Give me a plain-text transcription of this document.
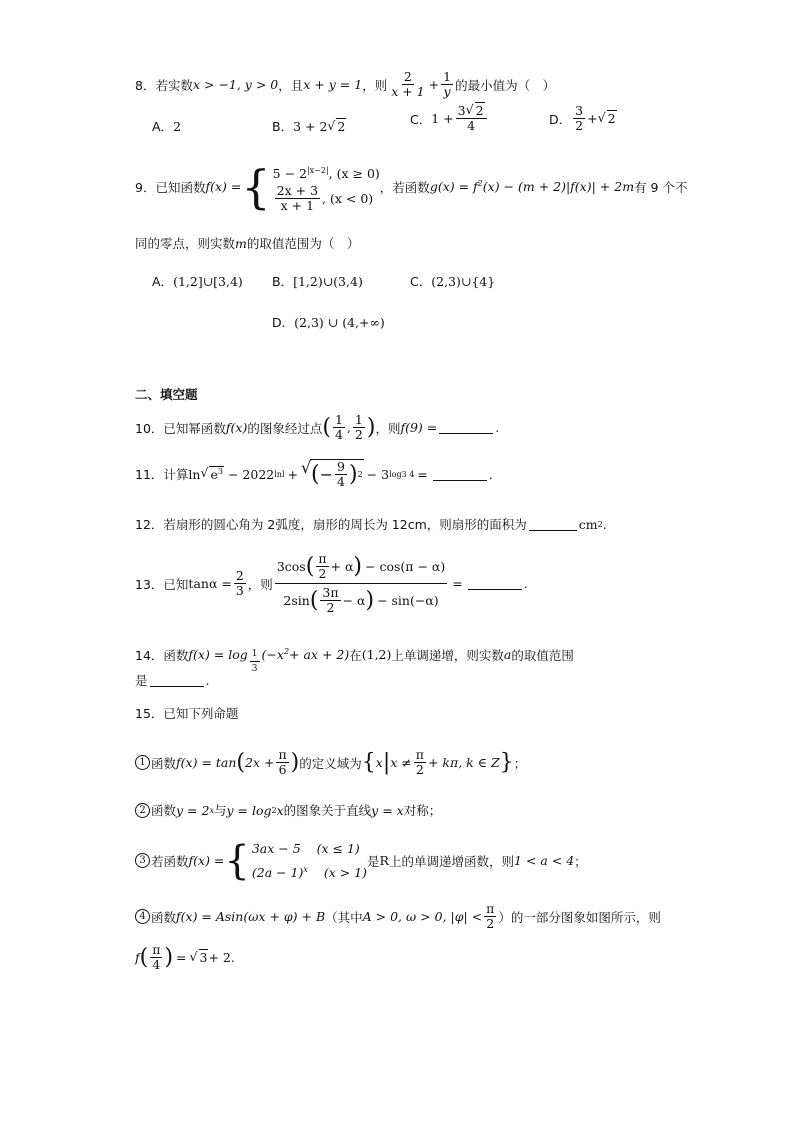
8． 若实数 x > −1, y > 0 ，且 x + y = 1 ，则 $\frac{2}{x + 1} + \frac{1}{y}$ 的最小值为（　）
A．2	B．3 + 2 √ 2	C． $1 + \frac{3 √ 2}{4}$	D． $\frac{3}{2}$ + √ 2
9． 已知函数 f(x) = { $5 - 2^{|x-2|}$, (x ≥ 0)
$\frac{2x + 3}{x + 1}$ , (x < 0)
，若函数 $g(x) = f^2(x) - (m + 2)|f(x)| + 2m$ 有 9 个不
同的零点，则实数 m 的取值范围为（　）
A．(1,2]∪[3,4) B．[1,2)∪(3,4)	C．(2,3)∪{4}
D．(2,3) ∪ (4,+∞)
二、填空题
10． 已知幂函数 f(x) 的图象经过点 ( $\frac{1}{4}$ , $\frac{1}{2}$ ) ，则 f(9) =	.
11． 计算 ln √ $e^3 - 2022$ lnl + √ ( − $\frac{9}{4}$ ) 2 − 3 log3 4 =	.
12． 若扇形的圆心角为 2弧度，扇形的周长为 12cm，则扇形的面积为	cm 2 .
13． 已知 $\tan\alpha = \frac{2}{3}$ ，则 $\frac{3\cos ( \frac{\pi}{2} + \alpha ) - \cos(\pi - \alpha)}{2\sin ( \frac{3\pi}{2} - \alpha ) - \sin(-\alpha)}$ =	.
14． 函数 $f(x) = \log \frac{1}{3} (-x^2+$ ax + 2) 在 (1,2) 上单调递增，则实数 a 的取值范围
是	.
15． 已知下列命题
1 函数 f(x) = tan ( $2x + \frac{\pi}{6}$ ) 的定义域为 { x | $x \ne \frac{\pi}{2} + k\pi$, k ∈ Z } ；
2 函数 y = 2 x 与 y = log 2 x 的图象关于直线 y = x 对称；
3 若函数 f(x) = { 3ax − 5 (x ≤ 1)
$(2a - 1)^x$ (x > 1)
是 R 上的单调递增函数，则 1 < a < 4 ；
4 函数 f(x) = Asin(ωx + φ) + B （其中 A > 0, ω > 0, $|\varphi| < \frac{\pi}{2}$ ）的一部分图象如图所示，则
f ( $\frac{\pi}{4}$ ) =	√ 3 + 2 .
